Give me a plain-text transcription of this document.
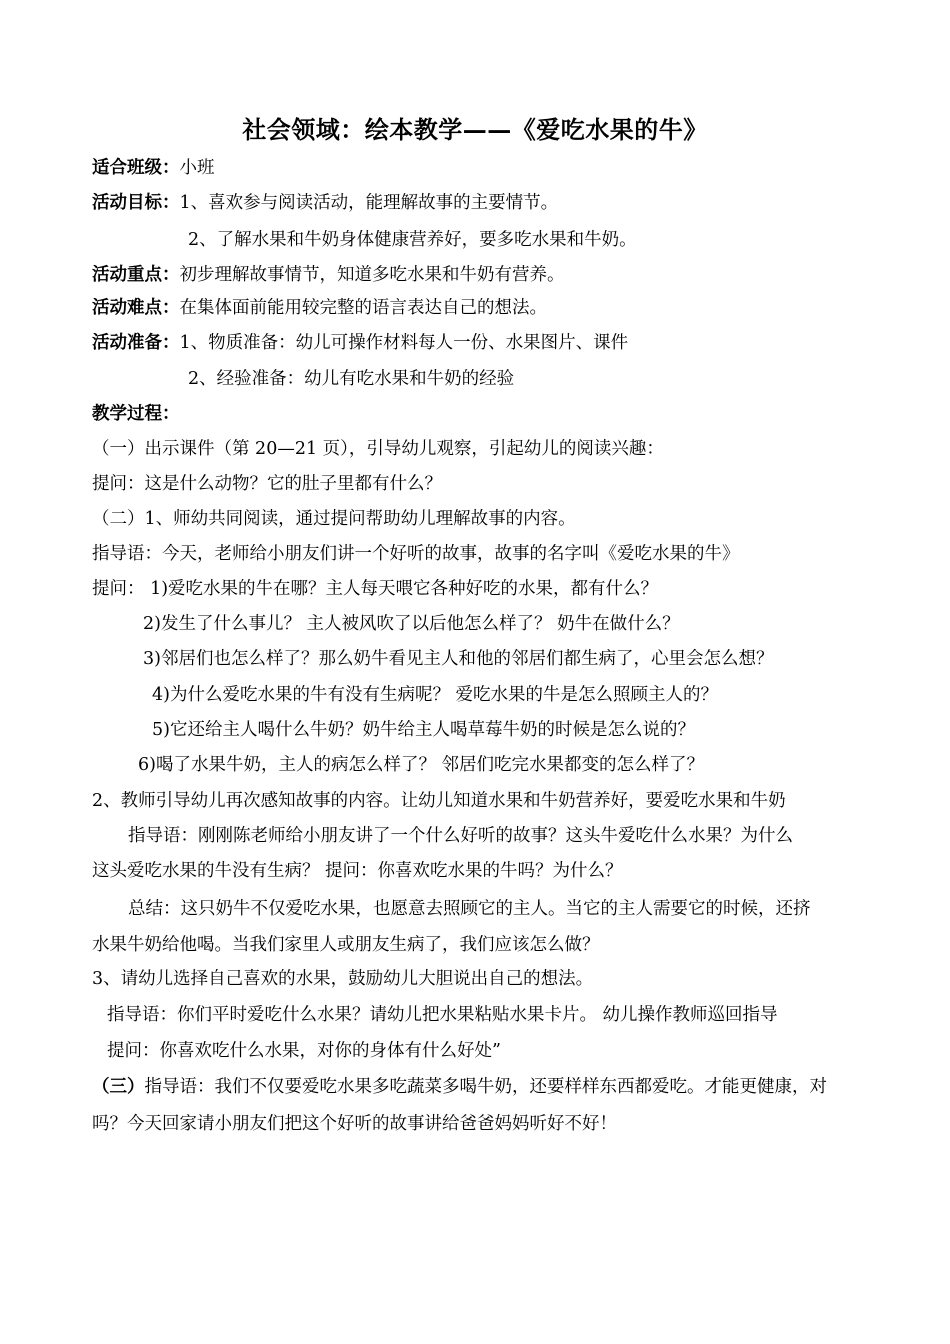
社会领域：绘本教学——《爱吃水果的牛》
适合班级：小班
活动目标：1、喜欢参与阅读活动，能理解故事的主要情节。
2、了解水果和牛奶身体健康营养好，要多吃水果和牛奶。
活动重点：初步理解故事情节，知道多吃水果和牛奶有营养。
活动难点：在集体面前能用较完整的语言表达自己的想法。
活动准备：1、物质准备：幼儿可操作材料每人一份、水果图片、课件
2、经验准备：幼儿有吃水果和牛奶的经验
教学过程：
（一）出示课件（第 20—21 页），引导幼儿观察，引起幼儿的阅读兴趣：
提问：这是什么动物？它的肚子里都有什么？
（二）1、师幼共同阅读，通过提问帮助幼儿理解故事的内容。
指导语：今天，老师给小朋友们讲一个好听的故事，故事的名字叫《爱吃水果的牛》
提问： 1)爱吃水果的牛在哪？主人每天喂它各种好吃的水果，都有什么？
2)发生了什么事儿？ 主人被风吹了以后他怎么样了？ 奶牛在做什么？
3)邻居们也怎么样了？那么奶牛看见主人和他的邻居们都生病了，心里会怎么想？
4)为什么爱吃水果的牛有没有生病呢？ 爱吃水果的牛是怎么照顾主人的？
5)它还给主人喝什么牛奶？奶牛给主人喝草莓牛奶的时候是怎么说的？
6)喝了水果牛奶，主人的病怎么样了？ 邻居们吃完水果都变的怎么样了？
2、教师引导幼儿再次感知故事的内容。让幼儿知道水果和牛奶营养好，要爱吃水果和牛奶
指导语：刚刚陈老师给小朋友讲了一个什么好听的故事？这头牛爱吃什么水果？为什么
这头爱吃水果的牛没有生病？ 提问：你喜欢吃水果的牛吗？为什么？
总结：这只奶牛不仅爱吃水果，也愿意去照顾它的主人。当它的主人需要它的时候，还挤
水果牛奶给他喝。当我们家里人或朋友生病了，我们应该怎么做？
3、请幼儿选择自己喜欢的水果，鼓励幼儿大胆说出自己的想法。
指导语：你们平时爱吃什么水果？请幼儿把水果粘贴水果卡片。 幼儿操作教师巡回指导
提问：你喜欢吃什么水果，对你的身体有什么好处”
（三）指导语：我们不仅要爱吃水果多吃蔬菜多喝牛奶，还要样样东西都爱吃。才能更健康，对
吗？今天回家请小朋友们把这个好听的故事讲给爸爸妈妈听好不好！
